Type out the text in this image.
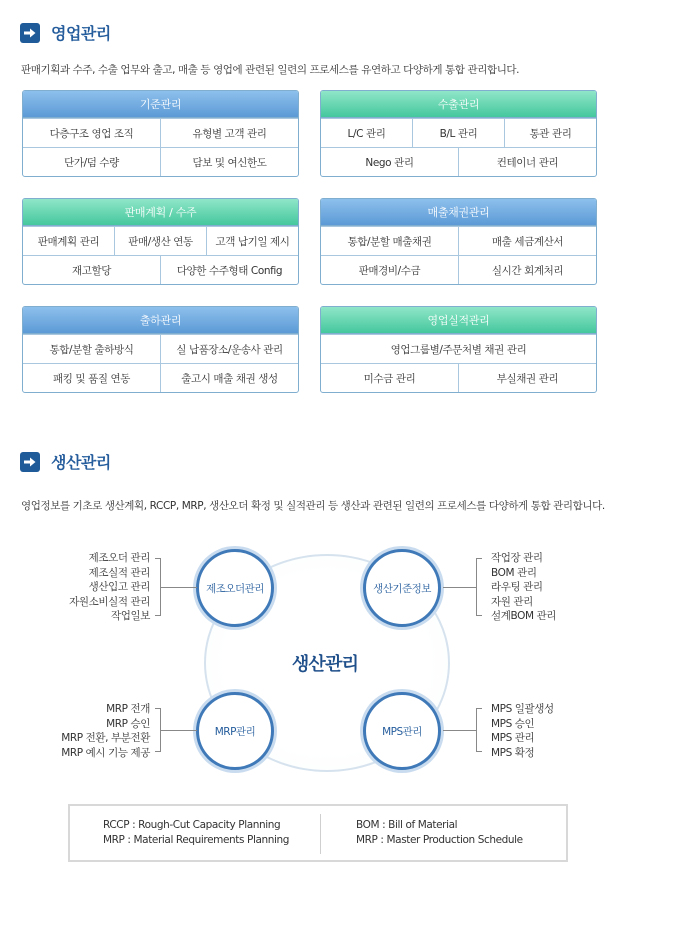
영업관리
판매기획과 수주, 수출 업무와 출고, 매출 등 영업에 관련된 일련의 프로세스를 유연하고 다양하게 통합 관리합니다.
기준관리
다층구조 영업 조직	유형별 고객 관리
단가/덤 수량	담보 및 여신한도
수출관리
L/C 관리	B/L 관리	통관 관리
Nego 관리	컨테이너 관리
판매계획 / 수주
판매계획 관리	판매/생산 연동	고객 납기일 제시
재고할당	다양한 수주형태 Config
매출채권관리
통합/분할 매출채권	매출 세금계산서
판매경비/수금	실시간 회계처리
출하관리
통합/분할 출하방식	실 납품장소/운송사 관리
패킹 및 품질 연동	출고시 매출 채권 생성
영업실적관리
영업그룹별/주문처별 채권 관리
미수금 관리	부실채권 관리
생산관리
영업정보를 기초로 생산계획, RCCP, MRP, 생산오더 확정 및 실적관리 등 생산과 관련된 일련의 프로세스를 다양하게 통합 관리합니다.
생산관리
제조오더관리
제조오더 관리
제조실적 관리
생산입고 관리
자원소비실적 관리
작업일보
생산기준정보
작업장 관리
BOM 관리
라우팅 관리
자원 관리
설계BOM 관리
MRP관리
MRP 전개
MRP 승인
MRP 전환, 부분전환
MRP 예시 기능 제공
MPS관리
MPS 일괄생성
MPS 승인
MPS 관리
MPS 확정
RCCP : Rough-Cut Capacity Planning
MRP : Material Requirements Planning
BOM : Bill of Material
MRP : Master Production Schedule
